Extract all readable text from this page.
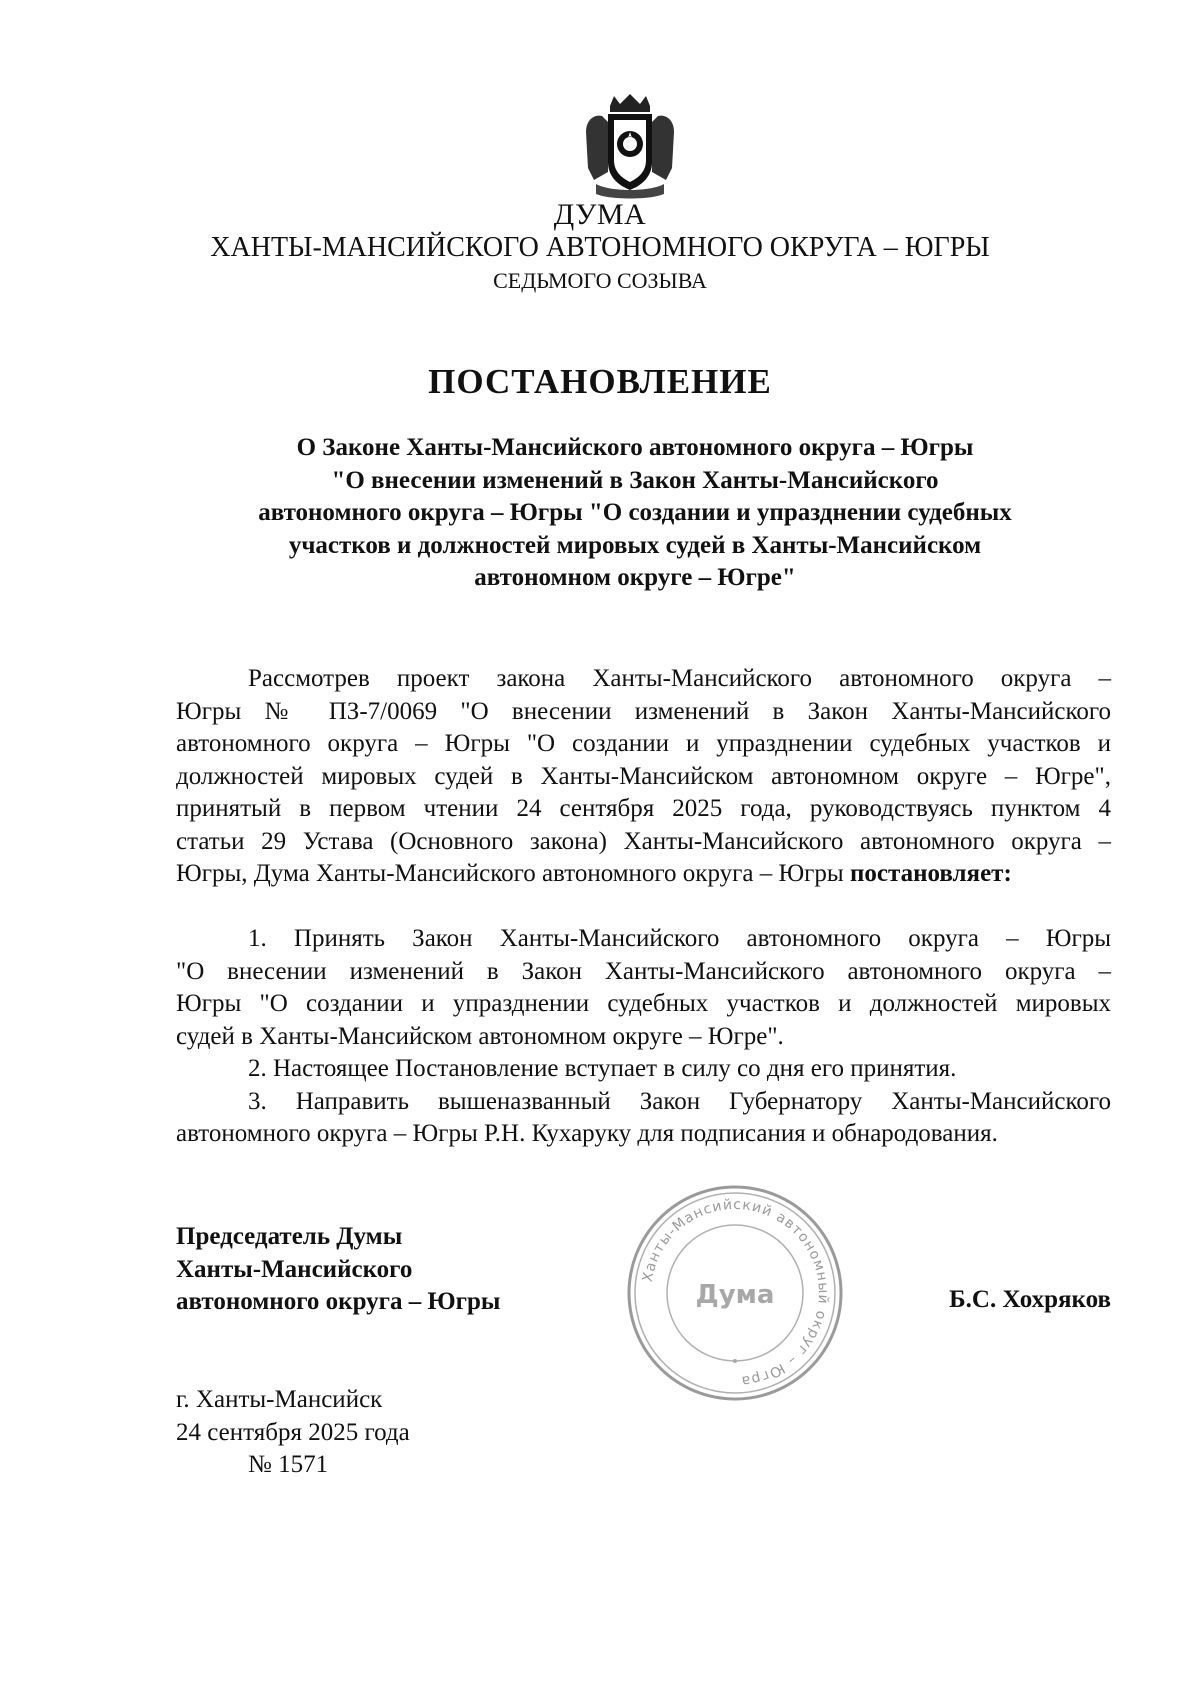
ДУМА
ХАНТЫ-МАНСИЙСКОГО АВТОНОМНОГО ОКРУГА – ЮГРЫ
СЕДЬМОГО СОЗЫВА
ПОСТАНОВЛЕНИЕ
О Законе Ханты-Мансийского автономного округа – Югры
"О внесении изменений в Закон Ханты-Мансийского
автономного округа – Югры "О создании и упразднении судебных
участков и должностей мировых судей в Ханты-Мансийском
автономном округе – Югре"
Рассмотрев проект закона Ханты-Мансийского автономного округа –
Югры № ПЗ-7/0069 "О внесении изменений в Закон Ханты-Мансийского
автономного округа – Югры "О создании и упразднении судебных участков и
должностей мировых судей в Ханты-Мансийском автономном округе – Югре",
принятый в первом чтении 24 сентября 2025 года, руководствуясь пунктом 4
статьи 29 Устава (Основного закона) Ханты-Мансийского автономного округа –
Югры, Дума Ханты-Мансийского автономного округа – Югры постановляет:
1. Принять Закон Ханты-Мансийского автономного округа – Югры
"О внесении изменений в Закон Ханты-Мансийского автономного округа –
Югры "О создании и упразднении судебных участков и должностей мировых
судей в Ханты-Мансийском автономном округе – Югре".
2. Настоящее Постановление вступает в силу со дня его принятия.
3. Направить вышеназванный Закон Губернатору Ханты-Мансийского
автономного округа – Югры Р.Н. Кухаруку для подписания и обнародования.
Председатель Думы
Ханты-Мансийского
автономного округа – Югры
Ханты-Мансийский автономный округ – Югра
Дума	Б.С. Хохряков
г. Ханты-Мансийск
24 сентября 2025 года
№ 1571
